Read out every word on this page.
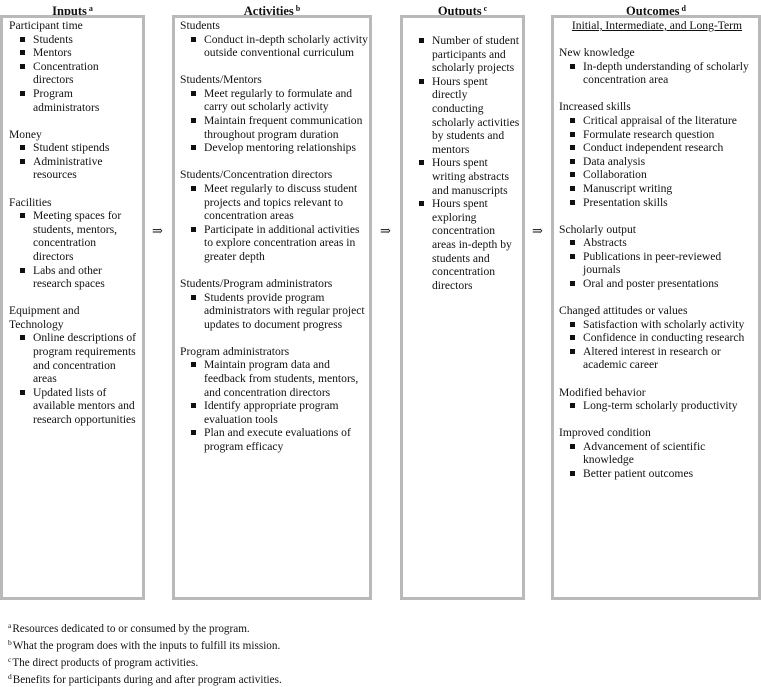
Inputs $^a$	Activities $^b$	Outputs $^c$	Outcomes $^d$
⇒	⇒	⇒
Participant time
Students
Mentors
Concentration directors
Program administrators
Money
Student stipends
Administrative resources
Facilities
Meeting spaces for students, mentors, concentration directors
Labs and other research spaces
Equipment and Technology
Online descriptions of program requirements and concentration areas
Updated lists of available mentors and research opportunities
Students
Conduct in-depth scholarly activity outside conventional curriculum
Students/Mentors
Meet regularly to formulate and carry out scholarly activity
Maintain frequent communication throughout program duration
Develop mentoring relationships
Students/Concentration directors
Meet regularly to discuss student projects and topics relevant to concentration areas
Participate in additional activities to explore concentration areas in greater depth
Students/Program administrators
Students provide program administrators with regular project updates to document progress
Program administrators
Maintain program data and feedback from students, mentors, and concentration directors
Identify appropriate program evaluation tools
Plan and execute evaluations of program efficacy
Number of student participants and scholarly projects
Hours spent directly conducting scholarly activities by students and mentors
Hours spent writing abstracts and manuscripts
Hours spent exploring concentration areas in-depth by students and concentration directors
Initial, Intermediate, and Long-Term
New knowledge
In-depth understanding of scholarly concentration area
Increased skills
Critical appraisal of the literature
Formulate research question
Conduct independent research
Data analysis
Collaboration
Manuscript writing
Presentation skills
Scholarly output
Abstracts
Publications in peer-reviewed journals
Oral and poster presentations
Changed attitudes or values
Satisfaction with scholarly activity
Confidence in conducting research
Altered interest in research or academic career
Modified behavior
Long-term scholarly productivity
Improved condition
Advancement of scientific knowledge
Better patient outcomes

$^a$Resources dedicated to or consumed by the program.

$^b$What the program does with the inputs to fulfill its mission.

$^c$The direct products of program activities.

$^d$Benefits for participants during and after program activities.
